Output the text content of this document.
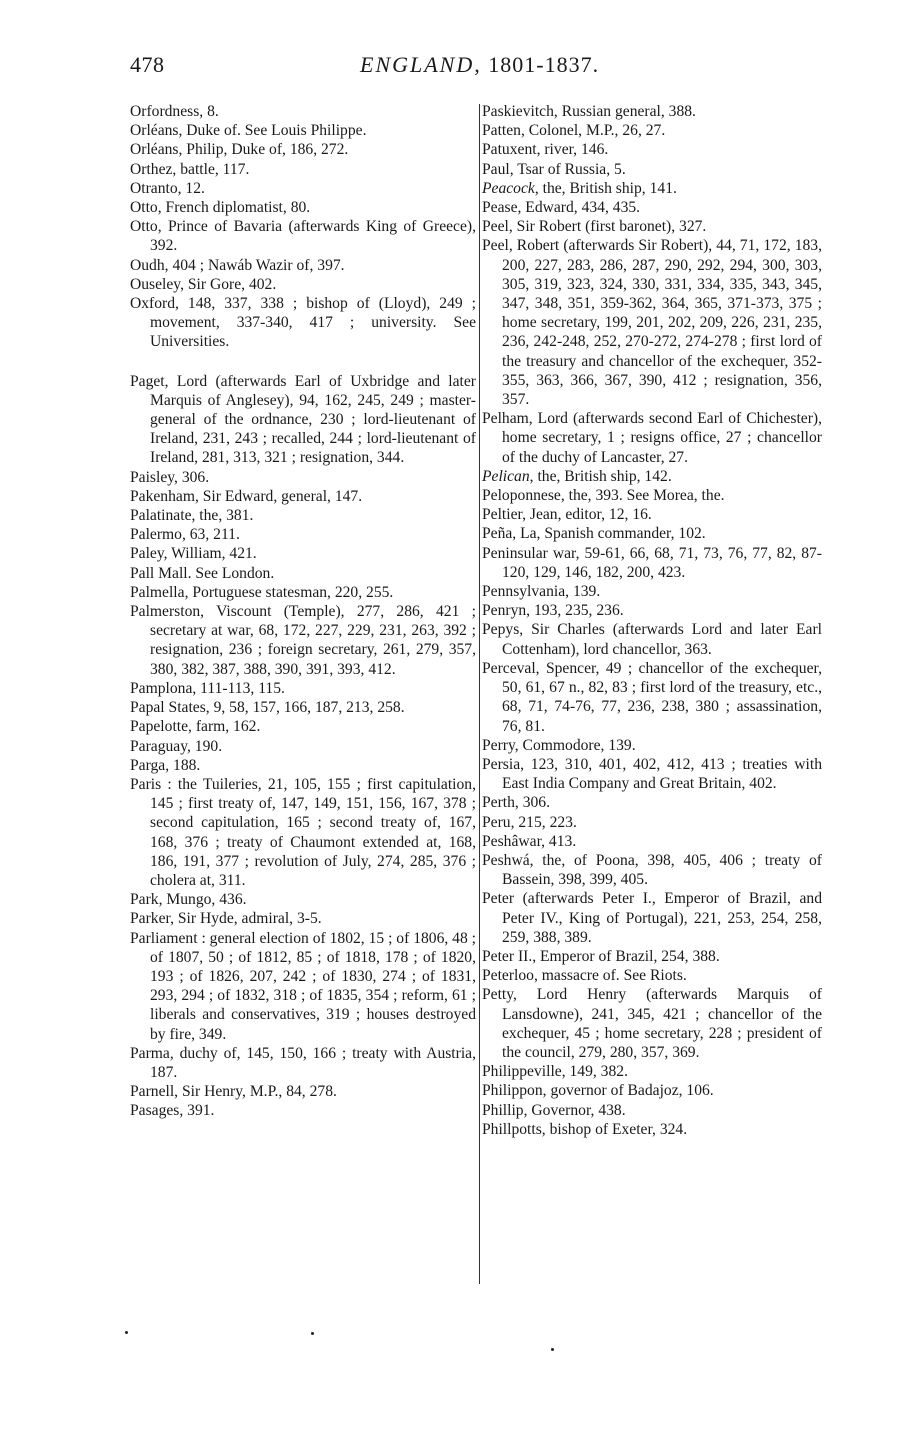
478	ENGLAND, 1801-1837.

Orfordness, 8.

Orléans, Duke of. See Louis Philippe.

Orléans, Philip, Duke of, 186, 272.

Orthez, battle, 117.

Otranto, 12.

Otto, French diplomatist, 80.

Otto, Prince of Bavaria (afterwards King of Greece), 392.

Oudh, 404 ; Nawáb Wazir of, 397.

Ouseley, Sir Gore, 402.

Oxford, 148, 337, 338 ; bishop of (Lloyd), 249 ; movement, 337-340, 417 ; university. See Universities.

Paget, Lord (afterwards Earl of Uxbridge and later Marquis of Anglesey), 94, 162, 245, 249 ; master-general of the ordnance, 230 ; lord-lieutenant of Ireland, 231, 243 ; recalled, 244 ; lord-lieutenant of Ireland, 281, 313, 321 ; resignation, 344.

Paisley, 306.

Pakenham, Sir Edward, general, 147.

Palatinate, the, 381.

Palermo, 63, 211.

Paley, William, 421.

Pall Mall. See London.

Palmella, Portuguese statesman, 220, 255.

Palmerston, Viscount (Temple), 277, 286, 421 ; secretary at war, 68, 172, 227, 229, 231, 263, 392 ; resignation, 236 ; foreign secretary, 261, 279, 357, 380, 382, 387, 388, 390, 391, 393, 412.

Pamplona, 111-113, 115.

Papal States, 9, 58, 157, 166, 187, 213, 258.

Papelotte, farm, 162.

Paraguay, 190.

Parga, 188.

Paris : the Tuileries, 21, 105, 155 ; first capitulation, 145 ; first treaty of, 147, 149, 151, 156, 167, 378 ; second capitulation, 165 ; second treaty of, 167, 168, 376 ; treaty of Chaumont extended at, 168, 186, 191, 377 ; revolution of July, 274, 285, 376 ; cholera at, 311.

Park, Mungo, 436.

Parker, Sir Hyde, admiral, 3-5.

Parliament : general election of 1802, 15 ; of 1806, 48 ; of 1807, 50 ; of 1812, 85 ; of 1818, 178 ; of 1820, 193 ; of 1826, 207, 242 ; of 1830, 274 ; of 1831, 293, 294 ; of 1832, 318 ; of 1835, 354 ; reform, 61 ; liberals and conservatives, 319 ; houses destroyed by fire, 349.

Parma, duchy of, 145, 150, 166 ; treaty with Austria, 187.

Parnell, Sir Henry, M.P., 84, 278.

Pasages, 391.

Paskievitch, Russian general, 388.

Patten, Colonel, M.P., 26, 27.

Patuxent, river, 146.

Paul, Tsar of Russia, 5.

Peacock, the, British ship, 141.

Pease, Edward, 434, 435.

Peel, Sir Robert (first baronet), 327.

Peel, Robert (afterwards Sir Robert), 44, 71, 172, 183, 200, 227, 283, 286, 287, 290, 292, 294, 300, 303, 305, 319, 323, 324, 330, 331, 334, 335, 343, 345, 347, 348, 351, 359-362, 364, 365, 371-373, 375 ; home secretary, 199, 201, 202, 209, 226, 231, 235, 236, 242-248, 252, 270-272, 274-278 ; first lord of the treasury and chancellor of the exchequer, 352-355, 363, 366, 367, 390, 412 ; resignation, 356, 357.

Pelham, Lord (afterwards second Earl of Chichester), home secretary, 1 ; resigns office, 27 ; chancellor of the duchy of Lancaster, 27.

Pelican, the, British ship, 142.

Peloponnese, the, 393. See Morea, the.

Peltier, Jean, editor, 12, 16.

Peña, La, Spanish commander, 102.

Peninsular war, 59-61, 66, 68, 71, 73, 76, 77, 82, 87-120, 129, 146, 182, 200, 423.

Pennsylvania, 139.

Penryn, 193, 235, 236.

Pepys, Sir Charles (afterwards Lord and later Earl Cottenham), lord chancellor, 363.

Perceval, Spencer, 49 ; chancellor of the exchequer, 50, 61, 67 n., 82, 83 ; first lord of the treasury, etc., 68, 71, 74-76, 77, 236, 238, 380 ; assassination, 76, 81.

Perry, Commodore, 139.

Persia, 123, 310, 401, 402, 412, 413 ; treaties with East India Company and Great Britain, 402.

Perth, 306.

Peru, 215, 223.

Peshâwar, 413.

Peshwá, the, of Poona, 398, 405, 406 ; treaty of Bassein, 398, 399, 405.

Peter (afterwards Peter I., Emperor of Brazil, and Peter IV., King of Portugal), 221, 253, 254, 258, 259, 388, 389.

Peter II., Emperor of Brazil, 254, 388.

Peterloo, massacre of. See Riots.

Petty, Lord Henry (afterwards Marquis of Lansdowne), 241, 345, 421 ; chancellor of the exchequer, 45 ; home secretary, 228 ; president of the council, 279, 280, 357, 369.

Philippeville, 149, 382.

Philippon, governor of Badajoz, 106.

Phillip, Governor, 438.

Phillpotts, bishop of Exeter, 324.
